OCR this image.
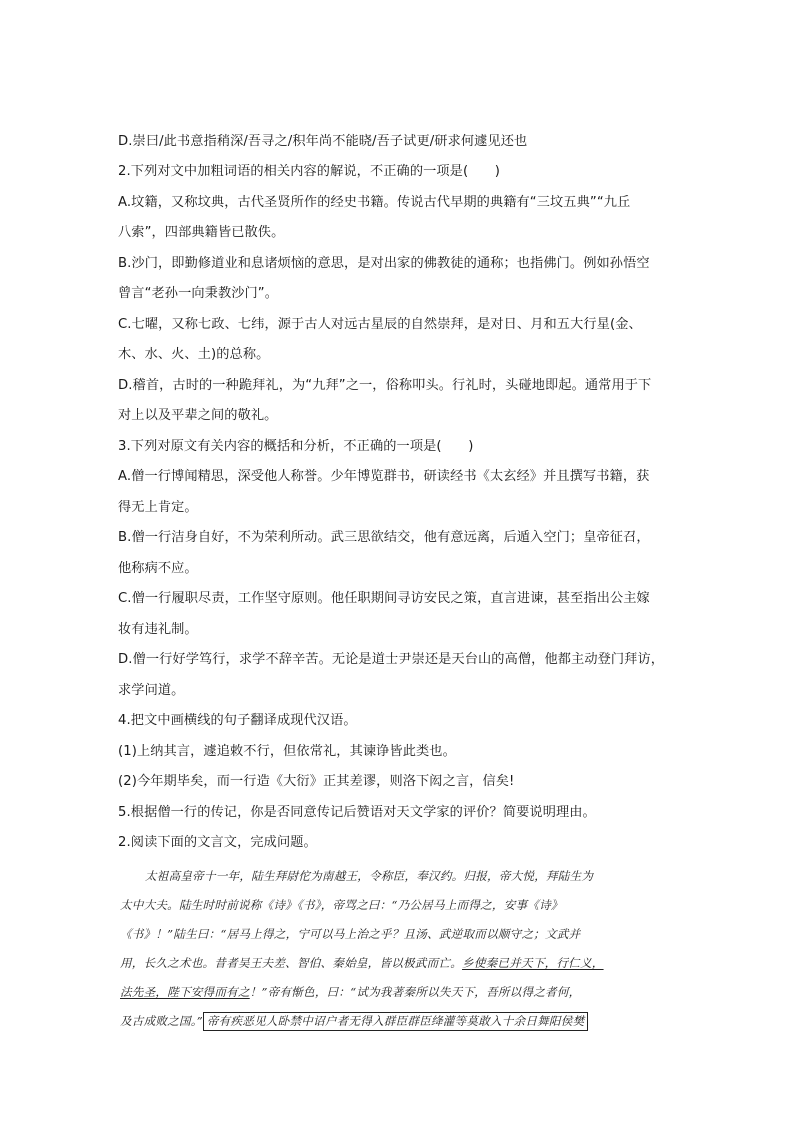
D.崇曰/此书意指稍深/吾寻之/积年尚不能晓/吾子试更/研求何遽见还也
2.下列对文中加粗词语的相关内容的解说，不正确的一项是(　　)
A.坟籍，又称坟典，古代圣贤所作的经史书籍。传说古代早期的典籍有“三坟五典”“九丘
八索”，四部典籍皆已散佚。
B.沙门，即勤修道业和息诸烦恼的意思，是对出家的佛教徒的通称；也指佛门。例如孙悟空
曾言“老孙一向秉教沙门”。
C.七曜，又称七政、七纬，源于古人对远古星辰的自然崇拜，是对日、月和五大行星(金、
木、水、火、土)的总称。
D.稽首，古时的一种跪拜礼，为“九拜”之一，俗称叩头。行礼时，头碰地即起。通常用于下
对上以及平辈之间的敬礼。
3.下列对原文有关内容的概括和分析，不正确的一项是(　　)
A.僧一行博闻精思，深受他人称誉。少年博览群书，研读经书《太玄经》并且撰写书籍，获
得无上肯定。
B.僧一行洁身自好，不为荣利所动。武三思欲结交，他有意远离，后遁入空门；皇帝征召，
他称病不应。
C.僧一行履职尽责，工作坚守原则。他任职期间寻访安民之策，直言进谏，甚至指出公主嫁
妆有违礼制。
D.僧一行好学笃行，求学不辞辛苦。无论是道士尹崇还是天台山的高僧，他都主动登门拜访，
求学问道。
4.把文中画横线的句子翻译成现代汉语。
(1)上纳其言，遽追敕不行，但依常礼，其谏诤皆此类也。
(2)今年期毕矣，而一行造《大衍》正其差谬，则洛下闳之言，信矣!
5.根据僧一行的传记，你是否同意传记后赞语对天文学家的评价？简要说明理由。
2.阅读下面的文言文，完成问题。
太祖高皇帝十一年，陆生拜尉佗为南越王，令称臣，奉汉约。归报，帝大悦，拜陆生为
太中大夫。陆生时时前说称《诗》《书》，帝骂之曰：“乃公居马上而得之，安事《诗》
《书》！”陆生曰：“居马上得之，宁可以马上治之乎？且汤、武逆取而以顺守之；文武并
用，长久之术也。昔者吴王夫差、智伯、秦始皇，皆以极武而亡。乡使秦已并天下，行仁义，
法先圣，陛下安得而有之！”帝有惭色，曰：“试为我著秦所以失天下，吾所以得之者何，
及古成败之国。” 帝有疾恶见人卧禁中诏户者无得入群臣群臣绛灌等莫敢入十余日舞阳侯樊
